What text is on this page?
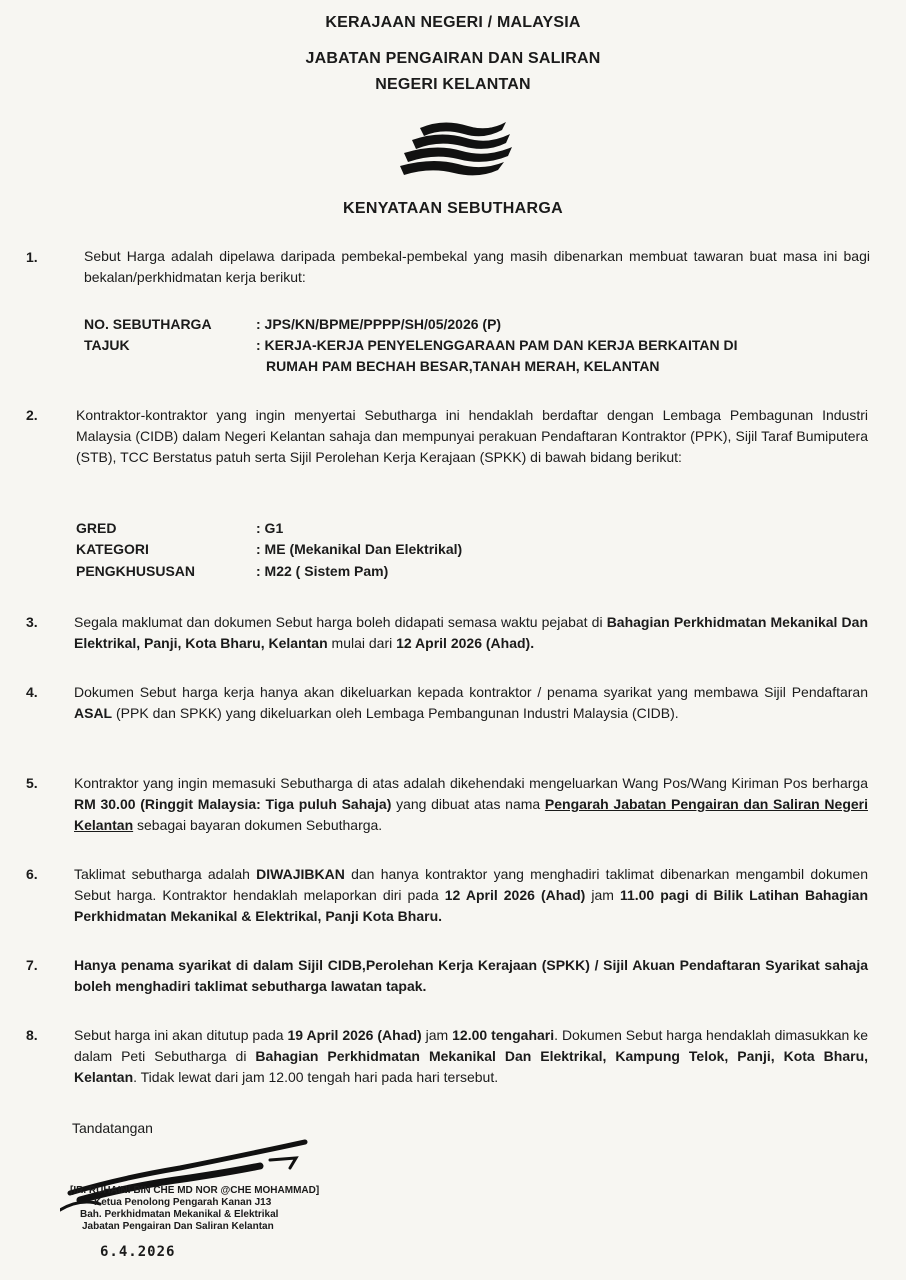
KERAJAAN NEGERI / MALAYSIA
JABATAN PENGAIRAN DAN SALIRAN
NEGERI KELANTAN
KENYATAAN SEBUTHARGA
1.	Sebut Harga adalah dipelawa daripada pembekal-pembekal yang masih dibenarkan membuat tawaran buat masa ini bagi bekalan/perkhidmatan kerja berikut:
NO. SEBUTHARGA	: JPS/KN/BPME/PPPP/SH/05/2026 (P)
TAJUK	: KERJA-KERJA PENYELENGGARAAN PAM DAN KERJA BERKAITAN DI
RUMAH PAM BECHAH BESAR,TANAH MERAH, KELANTAN
2.	Kontraktor-kontraktor yang ingin menyertai Sebutharga ini hendaklah berdaftar dengan Lembaga Pembagunan Industri Malaysia (CIDB) dalam Negeri Kelantan sahaja dan mempunyai perakuan Pendaftaran Kontraktor (PPK), Sijil Taraf Bumiputera (STB), TCC Berstatus patuh serta Sijil Perolehan Kerja Kerajaan (SPKK) di bawah bidang berikut:
GRED	: G1
KATEGORI	: ME (Mekanikal Dan Elektrikal)
PENGKHUSUSAN	: M22 ( Sistem Pam)
3.	Segala maklumat dan dokumen Sebut harga boleh didapati semasa waktu pejabat di Bahagian Perkhidmatan Mekanikal Dan Elektrikal, Panji, Kota Bharu, Kelantan mulai dari 12 April 2026 (Ahad).
4.	Dokumen Sebut harga kerja hanya akan dikeluarkan kepada kontraktor / penama syarikat yang membawa Sijil Pendaftaran ASAL (PPK dan SPKK) yang dikeluarkan oleh Lembaga Pembangunan Industri Malaysia (CIDB).
5.	Kontraktor yang ingin memasuki Sebutharga di atas adalah dikehendaki mengeluarkan Wang Pos/Wang Kiriman Pos berharga RM 30.00 (Ringgit Malaysia: Tiga puluh Sahaja) yang dibuat atas nama Pengarah Jabatan Pengairan dan Saliran Negeri Kelantan sebagai bayaran dokumen Sebutharga.
6.	Taklimat sebutharga adalah DIWAJIBKAN dan hanya kontraktor yang menghadiri taklimat dibenarkan mengambil dokumen Sebut harga. Kontraktor hendaklah melaporkan diri pada 12 April 2026 (Ahad) jam 11.00 pagi di Bilik Latihan Bahagian Perkhidmatan Mekanikal & Elektrikal, Panji Kota Bharu.
7.	Hanya penama syarikat di dalam Sijil CIDB,Perolehan Kerja Kerajaan (SPKK) / Sijil Akuan Pendaftaran Syarikat sahaja boleh menghadiri taklimat sebutharga lawatan tapak.
8.	Sebut harga ini akan ditutup pada 19 April 2026 (Ahad) jam 12.00 tengahari. Dokumen Sebut harga hendaklah dimasukkan ke dalam Peti Sebutharga di Bahagian Perkhidmatan Mekanikal Dan Elektrikal, Kampung Telok, Panji, Kota Bharu, Kelantan. Tidak lewat dari jam 12.00 tengah hari pada hari tersebut.
Tandatangan
[IR. RUHAINI BIN CHE MD NOR @CHE MOHAMMAD]
Ketua Penolong Pengarah Kanan J13
Bah. Perkhidmatan Mekanikal & Elektrikal
Jabatan Pengairan Dan Saliran Kelantan
6.4.2026
